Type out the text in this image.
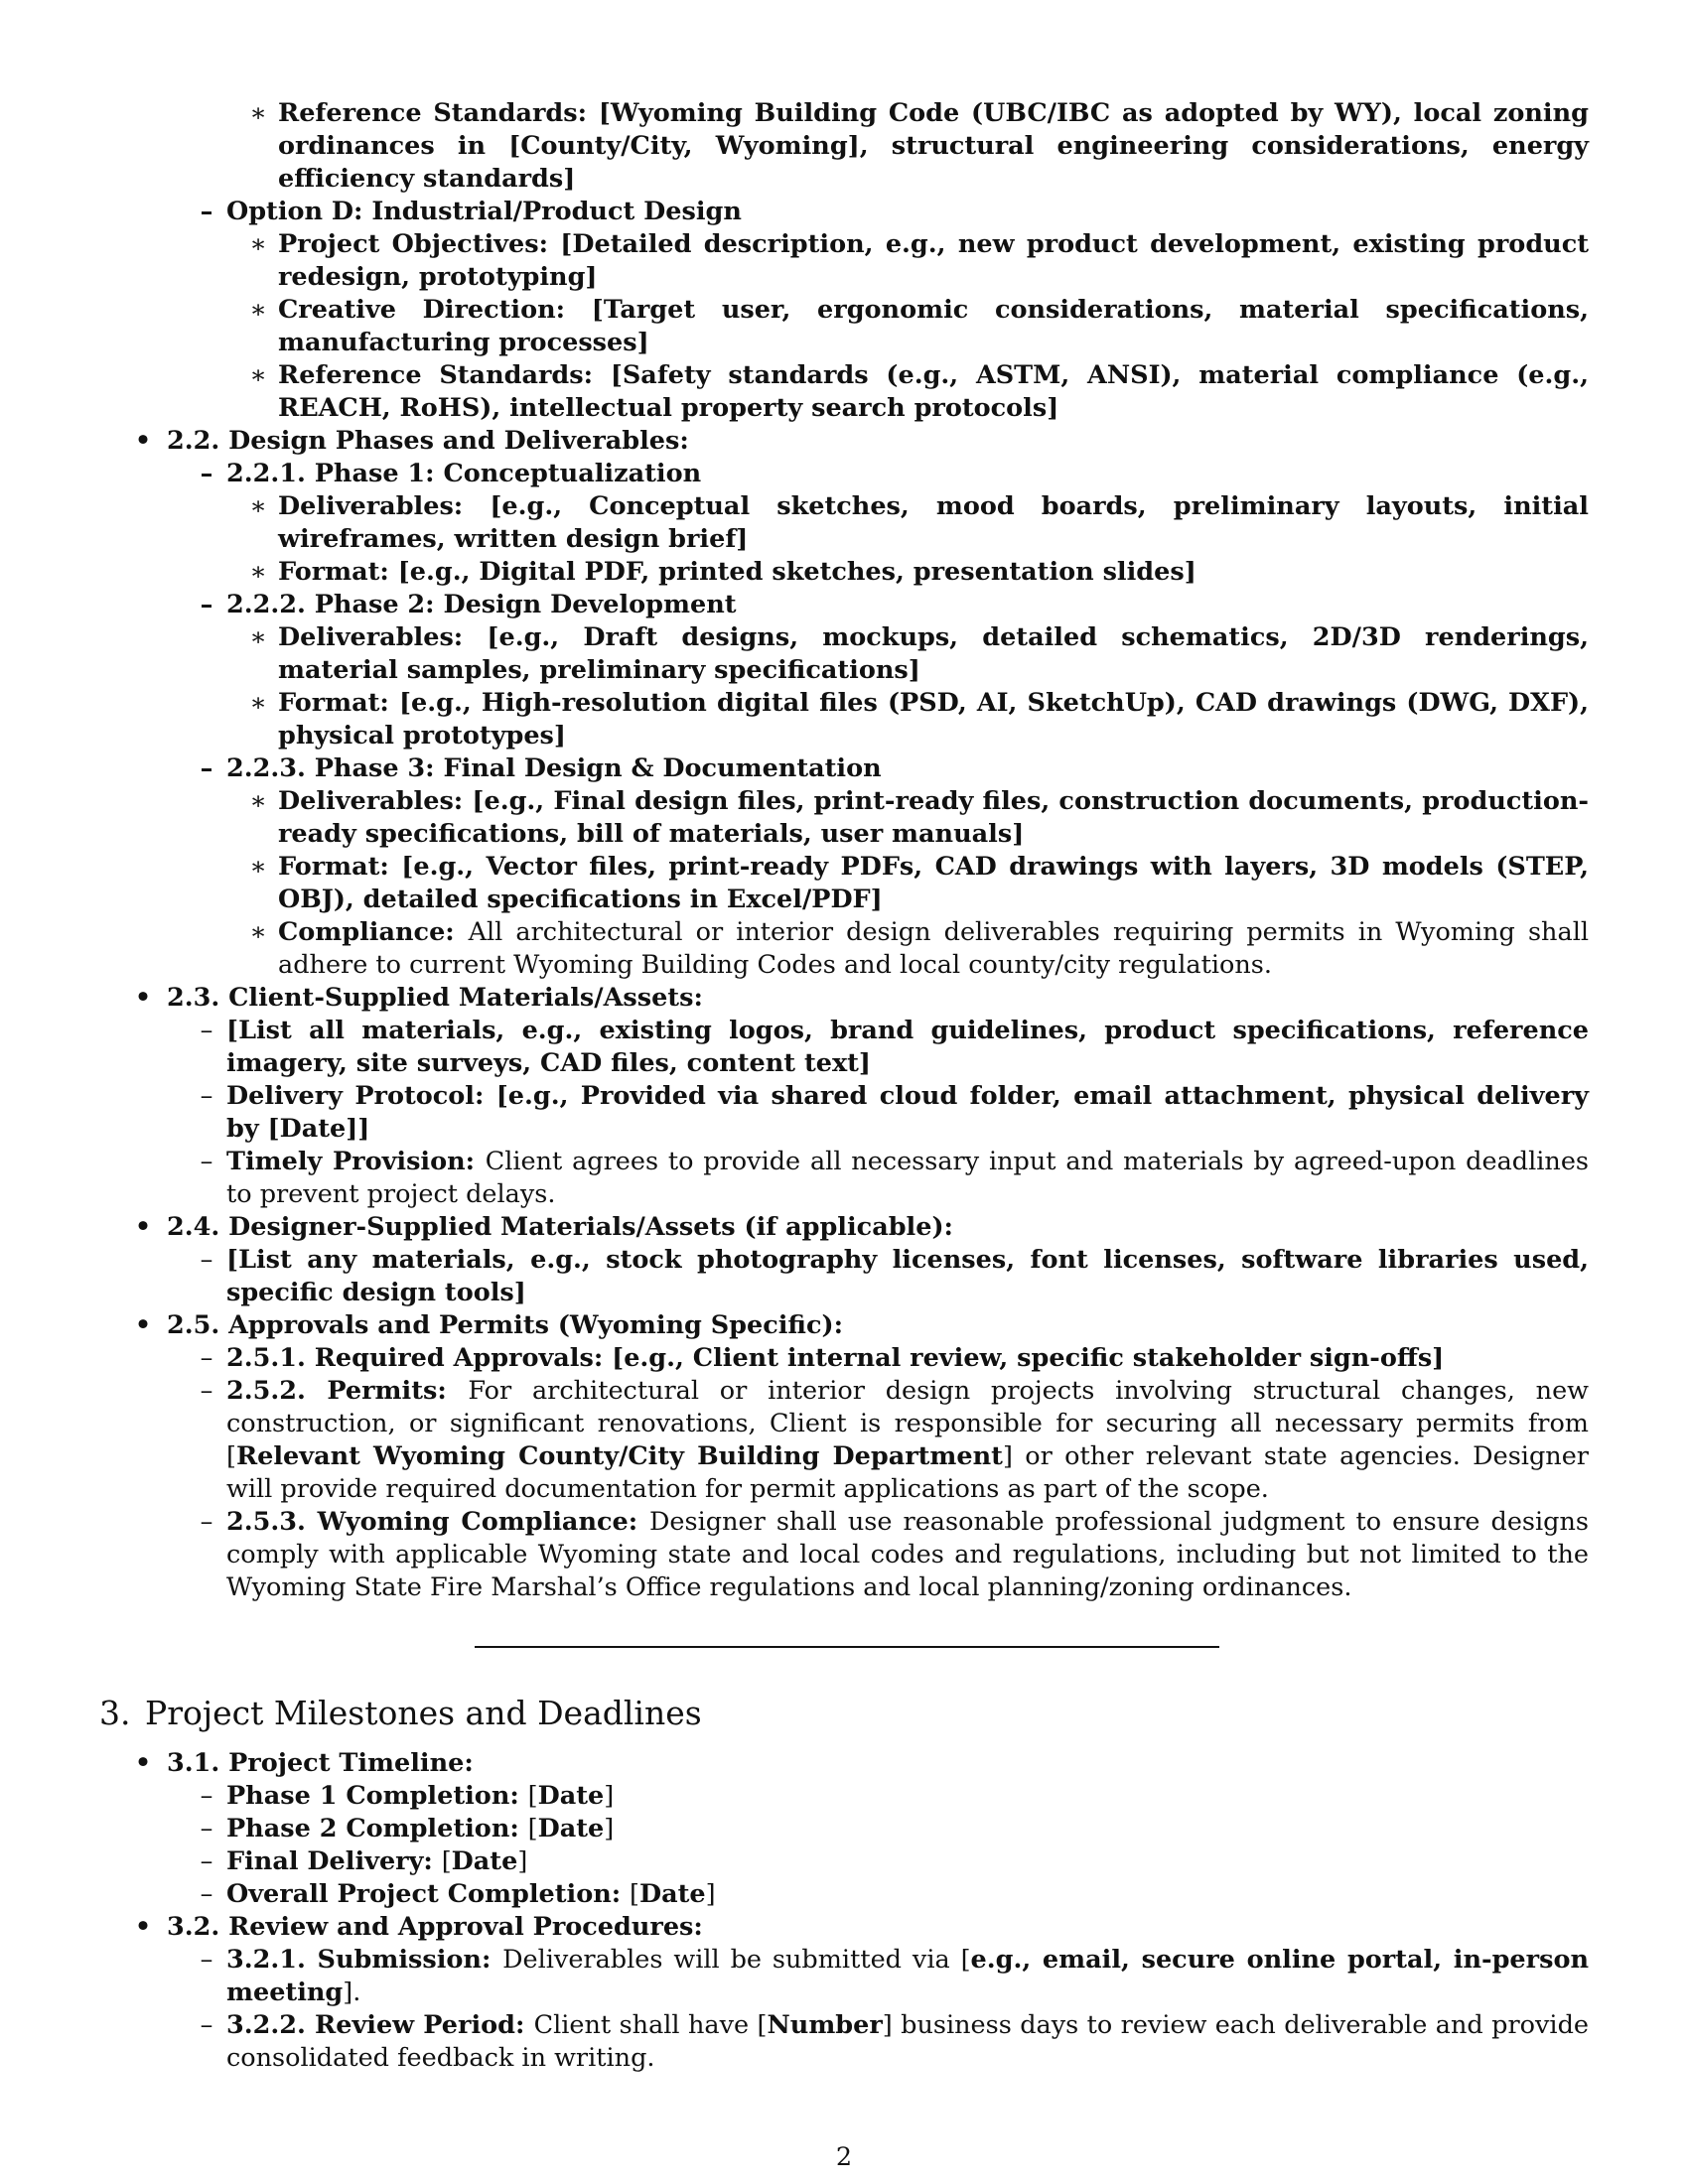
∗ Reference Standards: [Wyoming Building Code (UBC/IBC as adopted by WY), local zoning ordinances in [County/City, Wyoming], structural engineering considerations, energy efficiency standards]
– Option D: Industrial/Product Design
∗ Project Objectives: [Detailed description, e.g., new product development, existing product redesign, prototyping]
∗ Creative Direction: [Target user, ergonomic considerations, material specifications, manufacturing processes]
∗ Reference Standards: [Safety standards (e.g., ASTM, ANSI), material compliance (e.g., REACH, RoHS), intellectual property search protocols]
• 2.2. Design Phases and Deliverables:
– 2.2.1. Phase 1: Conceptualization
∗ Deliverables: [e.g., Conceptual sketches, mood boards, preliminary layouts, initial wireframes, written design brief]
∗ Format: [e.g., Digital PDF, printed sketches, presentation slides]
– 2.2.2. Phase 2: Design Development
∗ Deliverables: [e.g., Draft designs, mockups, detailed schematics, 2D/3D renderings, material samples, preliminary specifications]
∗ Format: [e.g., High-resolution digital files (PSD, AI, SketchUp), CAD drawings (DWG, DXF), physical prototypes]
– 2.2.3. Phase 3: Final Design & Documentation
∗ Deliverables: [e.g., Final design files, print-ready files, construction documents, production-ready specifications, bill of materials, user manuals]
∗ Format: [e.g., Vector files, print-ready PDFs, CAD drawings with layers, 3D models (STEP, OBJ), detailed specifications in Excel/PDF]
∗ Compliance: All architectural or interior design deliverables requiring permits in Wyoming shall adhere to current Wyoming Building Codes and local county/city regulations.
• 2.3. Client-Supplied Materials/Assets:
– [List all materials, e.g., existing logos, brand guidelines, product specifications, reference imagery, site surveys, CAD files, content text]
– Delivery Protocol: [e.g., Provided via shared cloud folder, email attachment, physical delivery by [Date]]
– Timely Provision: Client agrees to provide all necessary input and materials by agreed-upon deadlines to prevent project delays.
• 2.4. Designer-Supplied Materials/Assets (if applicable):
– [List any materials, e.g., stock photography licenses, font licenses, software libraries used, specific design tools]
• 2.5. Approvals and Permits (Wyoming Specific):
– 2.5.1. Required Approvals: [e.g., Client internal review, specific stakeholder sign-offs]
– 2.5.2. Permits: For architectural or interior design projects involving structural changes, new construction, or significant renovations, Client is responsible for securing all necessary permits from [Relevant Wyoming County/City Building Department] or other relevant state agencies. Designer will provide required documentation for permit applications as part of the scope.
– 2.5.3. Wyoming Compliance: Designer shall use reasonable professional judgment to ensure designs comply with applicable Wyoming state and local codes and regulations, including but not limited to the Wyoming State Fire Marshal’s Office regulations and local planning/zoning ordinances.
3. Project Milestones and Deadlines
• 3.1. Project Timeline:
– Phase 1 Completion: [Date]
– Phase 2 Completion: [Date]
– Final Delivery: [Date]
– Overall Project Completion: [Date]
• 3.2. Review and Approval Procedures:
– 3.2.1. Submission: Deliverables will be submitted via [e.g., email, secure online portal, in-person meeting].
– 3.2.2. Review Period: Client shall have [Number] business days to review each deliverable and provide consolidated feedback in writing.
2
